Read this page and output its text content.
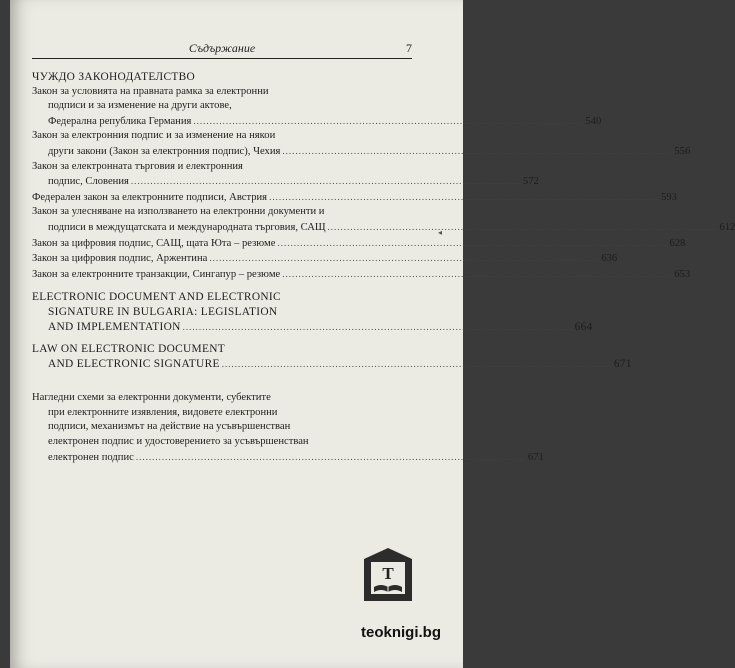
Съдържание	7
ЧУЖДО ЗАКОНОДАТЕЛСТВО
Закон за условията на правната рамка за електронни
подписи и за изменение на други актове,
Федерална република Германия .....	540
Закон за електронния подпис и за изменение на някои
други закони (Закон за електронния подпис), Чехия .....	556
Закон за електронната търговия и електронния
подпис, Словения .....	572
Федерален закон за електронните подписи, Австрия .....	593
Закон за улесняване на използването на електронни документи и
подписи в междущатската и международната търговия, САЩ .....	612
Закон за цифровия подпис, САЩ, щата Юта – резюме .....	628
Закон за цифровия подпис, Аржентина .....	636
Закон за електронните транзакции, Сингапур – резюме .....	653
ELECTRONIC DOCUMENT AND ELECTRONIC
SIGNATURE IN BULGARIA: LEGISLATION
AND IMPLEMENTATION .....	664
LAW ON ELECTRONIC DOCUMENT
AND ELECTRONIC SIGNATURE .....	671
Нагледни схеми за електронни документи, субектите
при електронните изявления, видовете електронни
подписи, механизмът на действие на усъвършенстван
електронен подпис и удостоверението за усъвършенстван
електронен подпис .....	671
◂
Т
teoknigi.bg
